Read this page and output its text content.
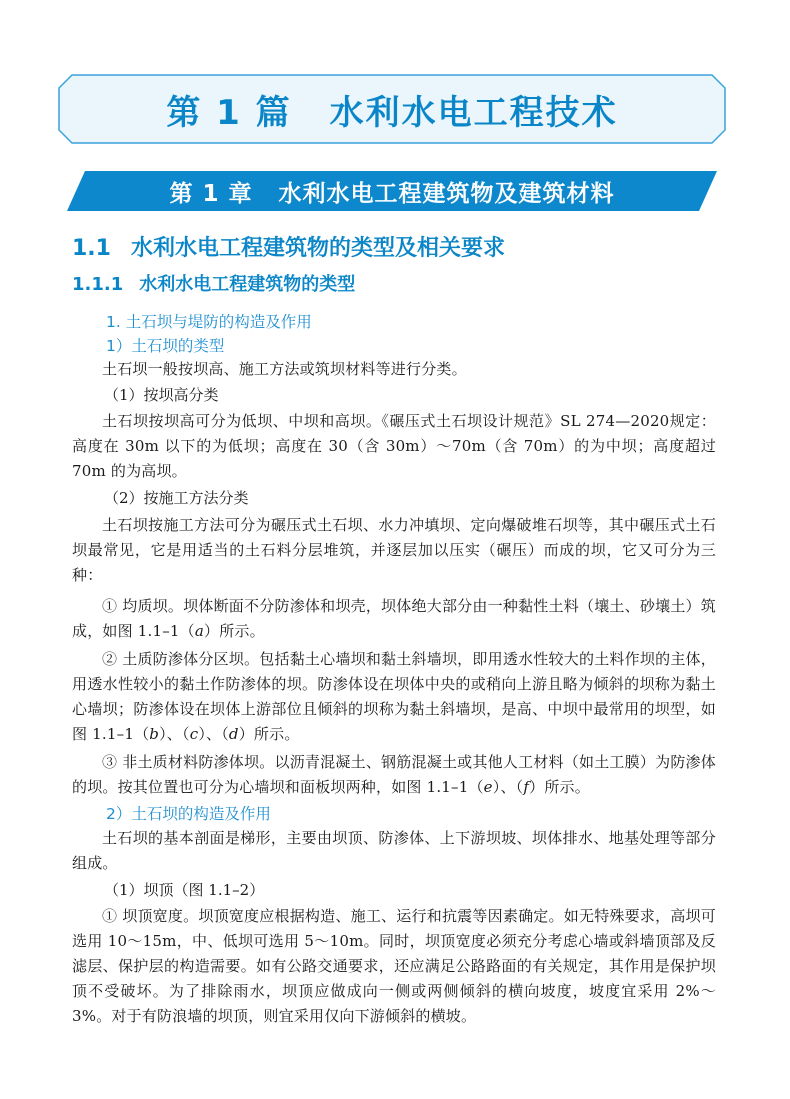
第 1 篇 水利水电工程技术
第 1 章 水利水电工程建筑物及建筑材料
1.1 水利水电工程建筑物的类型及相关要求
1.1.1 水利水电工程建筑物的类型
1. 土石坝与堤防的构造及作用
1）土石坝的类型

土石坝一般按坝高、施工方法或筑坝材料等进行分类。

（1）按坝高分类

土石坝按坝高可分为低坝、中坝和高坝。《碾压式土石坝设计规范》SL 274—2020规定：高度在 30m 以下的为低坝；高度在 30（含 30m）～70m（含 70m）的为中坝；高度超过 70m 的为高坝。

（2）按施工方法分类

土石坝按施工方法可分为碾压式土石坝、水力冲填坝、定向爆破堆石坝等，其中碾压式土石坝最常见，它是用适当的土石料分层堆筑，并逐层加以压实（碾压）而成的坝，它又可分为三种：

① 均质坝。坝体断面不分防渗体和坝壳，坝体绝大部分由一种黏性土料（壤土、砂壤土）筑成，如图 1.1–1（a）所示。

② 土质防渗体分区坝。包括黏土心墙坝和黏土斜墙坝，即用透水性较大的土料作坝的主体，用透水性较小的黏土作防渗体的坝。防渗体设在坝体中央的或稍向上游且略为倾斜的坝称为黏土心墙坝；防渗体设在坝体上游部位且倾斜的坝称为黏土斜墙坝，是高、中坝中最常用的坝型，如图 1.1–1（b）、（c）、（d）所示。

③ 非土质材料防渗体坝。以沥青混凝土、钢筋混凝土或其他人工材料（如土工膜）为防渗体的坝。按其位置也可分为心墙坝和面板坝两种，如图 1.1–1（e）、（f）所示。

2）土石坝的构造及作用

土石坝的基本剖面是梯形，主要由坝顶、防渗体、上下游坝坡、坝体排水、地基处理等部分组成。

（1）坝顶（图 1.1–2）

① 坝顶宽度。坝顶宽度应根据构造、施工、运行和抗震等因素确定。如无特殊要求，高坝可选用 10～15m，中、低坝可选用 5～10m。同时，坝顶宽度必须充分考虑心墙或斜墙顶部及反滤层、保护层的构造需要。如有公路交通要求，还应满足公路路面的有关规定，其作用是保护坝顶不受破坏。为了排除雨水，坝顶应做成向一侧或两侧倾斜的横向坡度，坡度宜采用 2%～3%。对于有防浪墙的坝顶，则宜采用仅向下游倾斜的横坡。
